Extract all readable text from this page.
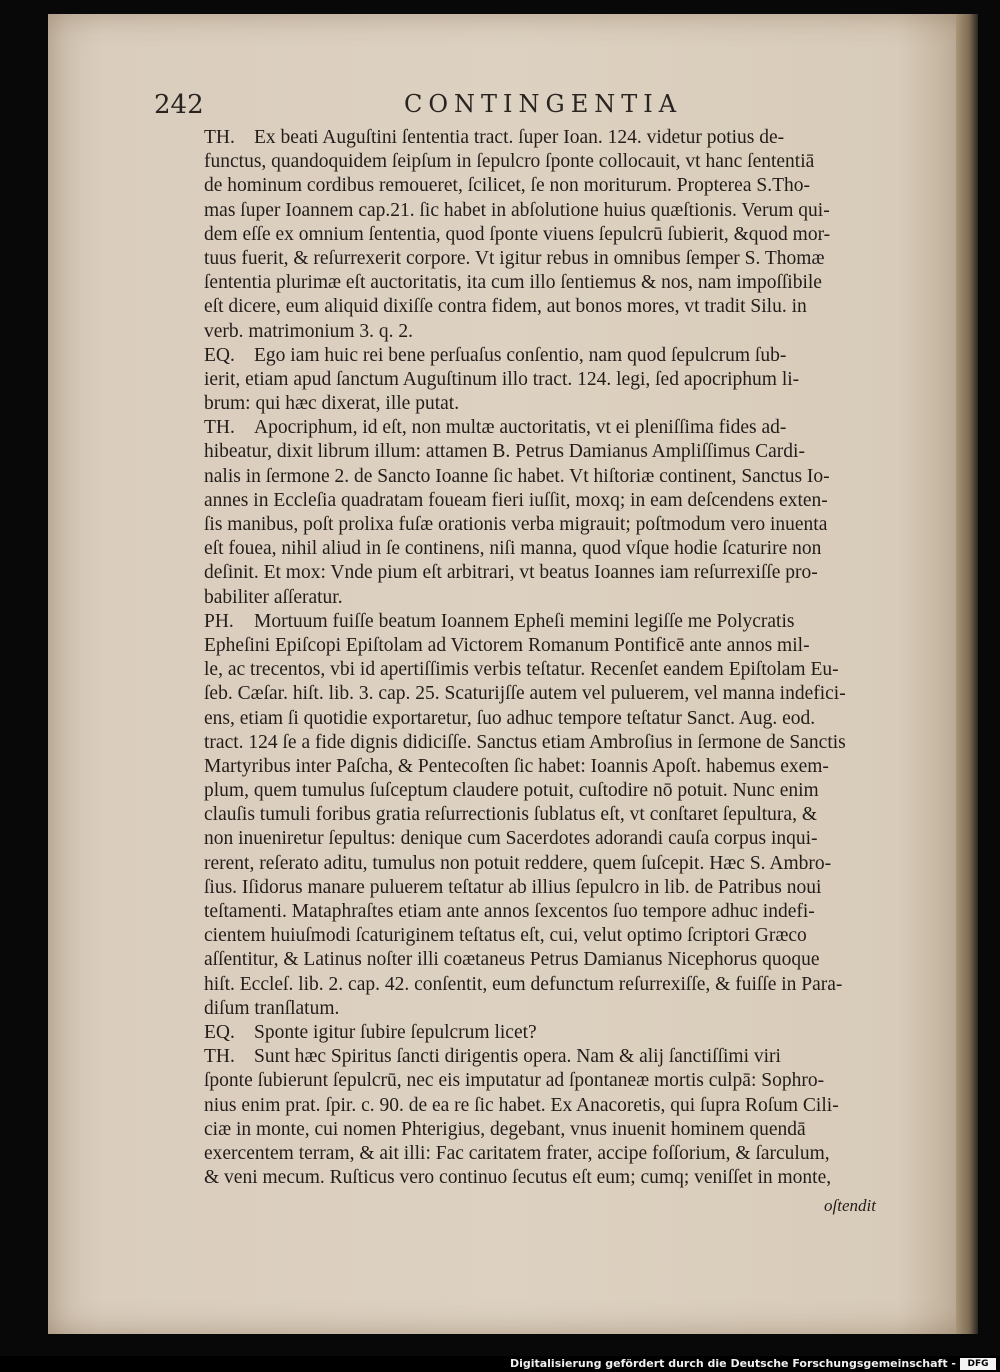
242	CONTINGENTIA
TH. Ex beati Auguſtini ſententia tract. ſuper Ioan. 124. videtur potius de-
functus, quandoquidem ſeipſum in ſepulcro ſponte collocauit, vt hanc ſententiā
de hominum cordibus remoueret, ſcilicet, ſe non moriturum. Propterea S.Tho-
mas ſuper Ioannem cap.21. ſic habet in abſolutione huius quæſtionis. Verum qui-
dem eſſe ex omnium ſententia, quod ſponte viuens ſepulcrū ſubierit, &quod mor-
tuus fuerit, & reſurrexerit corpore. Vt igitur rebus in omnibus ſemper S. Thomæ
ſententia plurimæ eſt auctoritatis, ita cum illo ſentiemus & nos, nam impoſſibile
eſt dicere, eum aliquid dixiſſe contra fidem, aut bonos mores, vt tradit Silu. in
verb. matrimonium 3. q. 2.
EQ. Ego iam huic rei bene perſuaſus conſentio, nam quod ſepulcrum ſub-
ierit, etiam apud ſanctum Auguſtinum illo tract. 124. legi, ſed apocriphum li-
brum: qui hæc dixerat, ille putat.
TH. Apocriphum, id eſt, non multæ auctoritatis, vt ei pleniſſima fides ad-
hibeatur, dixit librum illum: attamen B. Petrus Damianus Ampliſſimus Cardi-
nalis in ſermone 2. de Sancto Ioanne ſic habet. Vt hiſtoriæ continent, Sanctus Io-
annes in Eccleſia quadratam foueam fieri iuſſit, moxq; in eam deſcendens exten-
ſis manibus, poſt prolixa fuſæ orationis verba migrauit; poſtmodum vero inuenta
eſt fouea, nihil aliud in ſe continens, niſi manna, quod vſque hodie ſcaturire non
deſinit. Et mox: Vnde pium eſt arbitrari, vt beatus Ioannes iam reſurrexiſſe pro-
babiliter aſſeratur.
PH. Mortuum fuiſſe beatum Ioannem Epheſi memini legiſſe me Polycratis
Epheſini Epiſcopi Epiſtolam ad Victorem Romanum Pontificē ante annos mil-
le, ac trecentos, vbi id apertiſſimis verbis teſtatur. Recenſet eandem Epiſtolam Eu-
ſeb. Cæſar. hiſt. lib. 3. cap. 25. Scaturijſſe autem vel puluerem, vel manna indefici-
ens, etiam ſi quotidie exportaretur, ſuo adhuc tempore teſtatur Sanct. Aug. eod.
tract. 124 ſe a fide dignis didiciſſe. Sanctus etiam Ambroſius in ſermone de Sanctis
Martyribus inter Paſcha, & Pentecoſten ſic habet: Ioannis Apoſt. habemus exem-
plum, quem tumulus ſuſceptum claudere potuit, cuſtodire nō potuit. Nunc enim
clauſis tumuli foribus gratia reſurrectionis ſublatus eſt, vt conſtaret ſepultura, &
non inueniretur ſepultus: denique cum Sacerdotes adorandi cauſa corpus inqui-
rerent, reſerato aditu, tumulus non potuit reddere, quem ſuſcepit. Hæc S. Ambro-
ſius. Iſidorus manare puluerem teſtatur ab illius ſepulcro in lib. de Patribus noui
teſtamenti. Mataphraſtes etiam ante annos ſexcentos ſuo tempore adhuc indefi-
cientem huiuſmodi ſcaturiginem teſtatus eſt, cui, velut optimo ſcriptori Græco
aſſentitur, & Latinus noſter illi coætaneus Petrus Damianus Nicephorus quoque
hiſt. Eccleſ. lib. 2. cap. 42. conſentit, eum defunctum reſurrexiſſe, & fuiſſe in Para-
diſum tranſlatum.
EQ. Sponte igitur ſubire ſepulcrum licet?
TH. Sunt hæc Spiritus ſancti dirigentis opera. Nam & alij ſanctiſſimi viri
ſponte ſubierunt ſepulcrū, nec eis imputatur ad ſpontaneæ mortis culpā: Sophro-
nius enim prat. ſpir. c. 90. de ea re ſic habet. Ex Anacoretis, qui ſupra Roſum Cili-
ciæ in monte, cui nomen Phterigius, degebant, vnus inuenit hominem quendā
exercentem terram, & ait illi: Fac caritatem frater, accipe foſſorium, & ſarculum,
& veni mecum. Ruſticus vero continuo ſecutus eſt eum; cumq; veniſſet in monte,
oſtendit
Digitalisierung gefördert durch die Deutsche Forschungsgemeinschaft -	DFG
